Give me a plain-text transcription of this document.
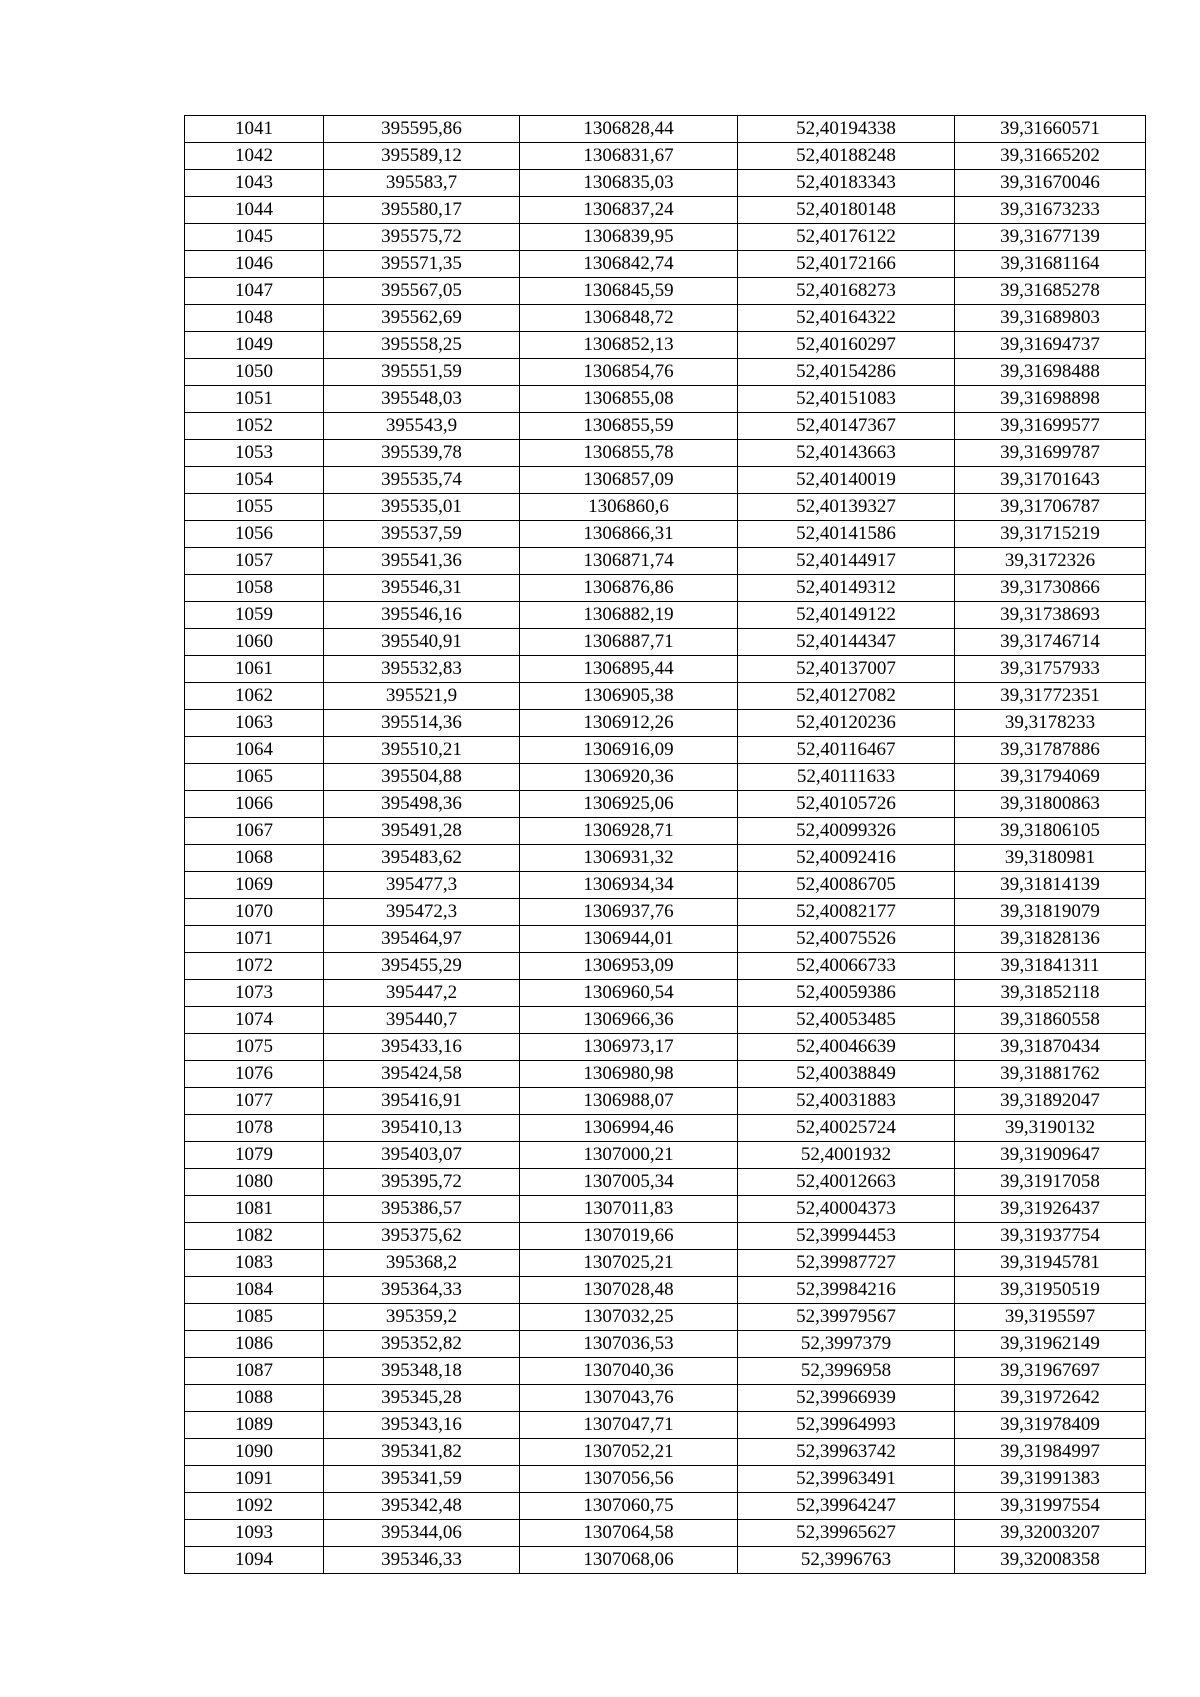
1041	395595,86	1306828,44	52,40194338	39,31660571
1042	395589,12	1306831,67	52,40188248	39,31665202
1043	395583,7	1306835,03	52,40183343	39,31670046
1044	395580,17	1306837,24	52,40180148	39,31673233
1045	395575,72	1306839,95	52,40176122	39,31677139
1046	395571,35	1306842,74	52,40172166	39,31681164
1047	395567,05	1306845,59	52,40168273	39,31685278
1048	395562,69	1306848,72	52,40164322	39,31689803
1049	395558,25	1306852,13	52,40160297	39,31694737
1050	395551,59	1306854,76	52,40154286	39,31698488
1051	395548,03	1306855,08	52,40151083	39,31698898
1052	395543,9	1306855,59	52,40147367	39,31699577
1053	395539,78	1306855,78	52,40143663	39,31699787
1054	395535,74	1306857,09	52,40140019	39,31701643
1055	395535,01	1306860,6	52,40139327	39,31706787
1056	395537,59	1306866,31	52,40141586	39,31715219
1057	395541,36	1306871,74	52,40144917	39,3172326
1058	395546,31	1306876,86	52,40149312	39,31730866
1059	395546,16	1306882,19	52,40149122	39,31738693
1060	395540,91	1306887,71	52,40144347	39,31746714
1061	395532,83	1306895,44	52,40137007	39,31757933
1062	395521,9	1306905,38	52,40127082	39,31772351
1063	395514,36	1306912,26	52,40120236	39,3178233
1064	395510,21	1306916,09	52,40116467	39,31787886
1065	395504,88	1306920,36	52,40111633	39,31794069
1066	395498,36	1306925,06	52,40105726	39,31800863
1067	395491,28	1306928,71	52,40099326	39,31806105
1068	395483,62	1306931,32	52,40092416	39,3180981
1069	395477,3	1306934,34	52,40086705	39,31814139
1070	395472,3	1306937,76	52,40082177	39,31819079
1071	395464,97	1306944,01	52,40075526	39,31828136
1072	395455,29	1306953,09	52,40066733	39,31841311
1073	395447,2	1306960,54	52,40059386	39,31852118
1074	395440,7	1306966,36	52,40053485	39,31860558
1075	395433,16	1306973,17	52,40046639	39,31870434
1076	395424,58	1306980,98	52,40038849	39,31881762
1077	395416,91	1306988,07	52,40031883	39,31892047
1078	395410,13	1306994,46	52,40025724	39,3190132
1079	395403,07	1307000,21	52,4001932	39,31909647
1080	395395,72	1307005,34	52,40012663	39,31917058
1081	395386,57	1307011,83	52,40004373	39,31926437
1082	395375,62	1307019,66	52,39994453	39,31937754
1083	395368,2	1307025,21	52,39987727	39,31945781
1084	395364,33	1307028,48	52,39984216	39,31950519
1085	395359,2	1307032,25	52,39979567	39,3195597
1086	395352,82	1307036,53	52,3997379	39,31962149
1087	395348,18	1307040,36	52,3996958	39,31967697
1088	395345,28	1307043,76	52,39966939	39,31972642
1089	395343,16	1307047,71	52,39964993	39,31978409
1090	395341,82	1307052,21	52,39963742	39,31984997
1091	395341,59	1307056,56	52,39963491	39,31991383
1092	395342,48	1307060,75	52,39964247	39,31997554
1093	395344,06	1307064,58	52,39965627	39,32003207
1094	395346,33	1307068,06	52,3996763	39,32008358
